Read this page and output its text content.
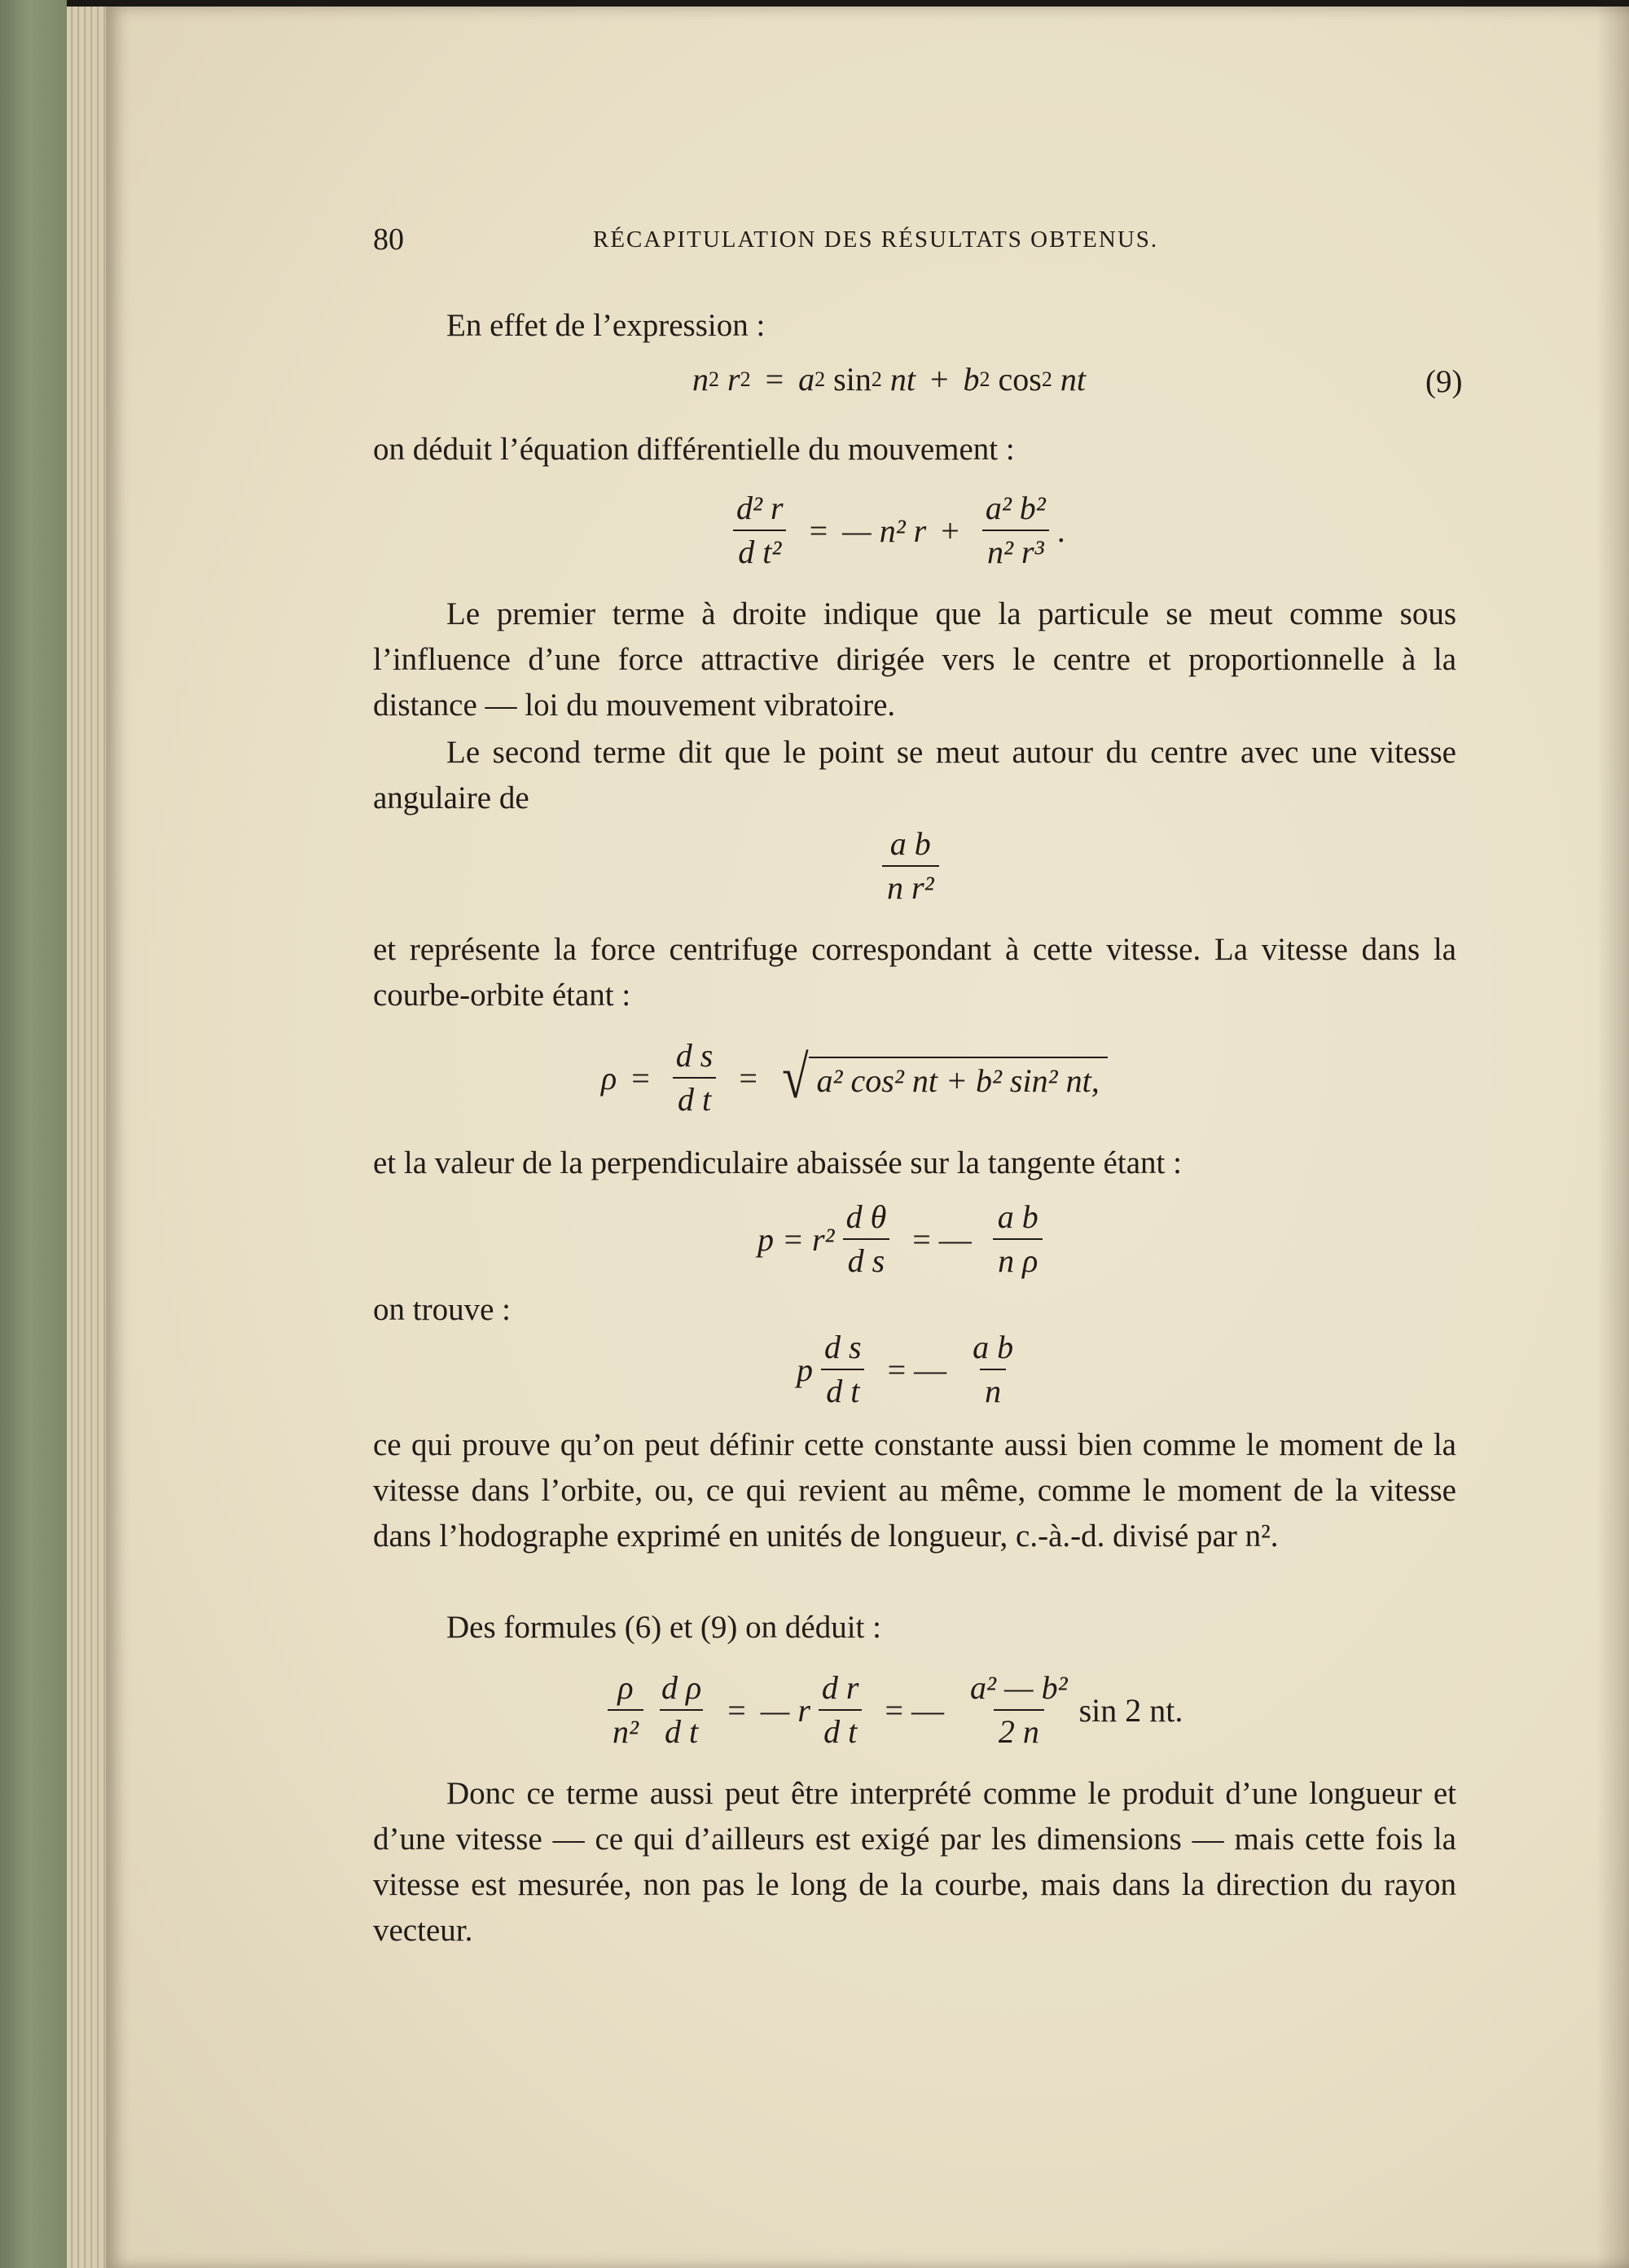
80	RÉCAPITULATION DES RÉSULTATS OBTENUS.
En effet de l’expression :
n 2
r 2 = a 2
sin 2
nt + b 2
cos 2
nt	(9)
on déduit l’équation différentielle du mouvement :
$\frac{\text{d² r}}{\text{d t²}}$ = — n² $r + \frac{\text{a² b²}}{\text{n² r³}}$ .
Le premier terme à droite indique que la particule se meut comme sous l’influence d’une force attractive dirigée vers le centre et proportionnelle à la distance — loi du mouvement vibratoire.
Le second terme dit que le point se meut autour du centre avec une vitesse angulaire de
$\frac{\text{a b}}{\text{n r²}}$
et représente la force centrifuge correspondant à cette vitesse. La vitesse dans la courbe-orbite étant :
$\rho = \frac{\text{d s}}{\text{d t}}$ = √ a² cos² nt + b² sin² nt,
et la valeur de la perpendiculaire abaissée sur la tangente étant :
$p = r^2 \frac{\text{d θ}}{\text{d s}}$ = — $\frac{\text{a b}}{\text{n ρ}}$
on trouve :
p $\frac{\text{d s}}{\text{d t}}$ = — $\frac{\text{a b}}{n}$
ce qui prouve qu’on peut définir cette constante aussi bien comme le moment de la vitesse dans l’orbite, ou, ce qui revient au même, comme le moment de la vitesse dans l’hodographe exprimé en unités de longueur, c.-à.-d. divisé par n².
Des formules (6) et (9) on déduit :
$\frac{\rho}{\text{n²}} \frac{\text{d ρ}}{\text{d t}}$ = — r $\frac{\text{d r}}{\text{d t}}$ = — $\frac{\text{a² — b²}}{2 n}$ sin 2 nt.
Donc ce terme aussi peut être interprété comme le produit d’une longueur et d’une vitesse — ce qui d’ailleurs est exigé par les dimensions — mais cette fois la vitesse est mesurée, non pas le long de la courbe, mais dans la direction du rayon vecteur.
